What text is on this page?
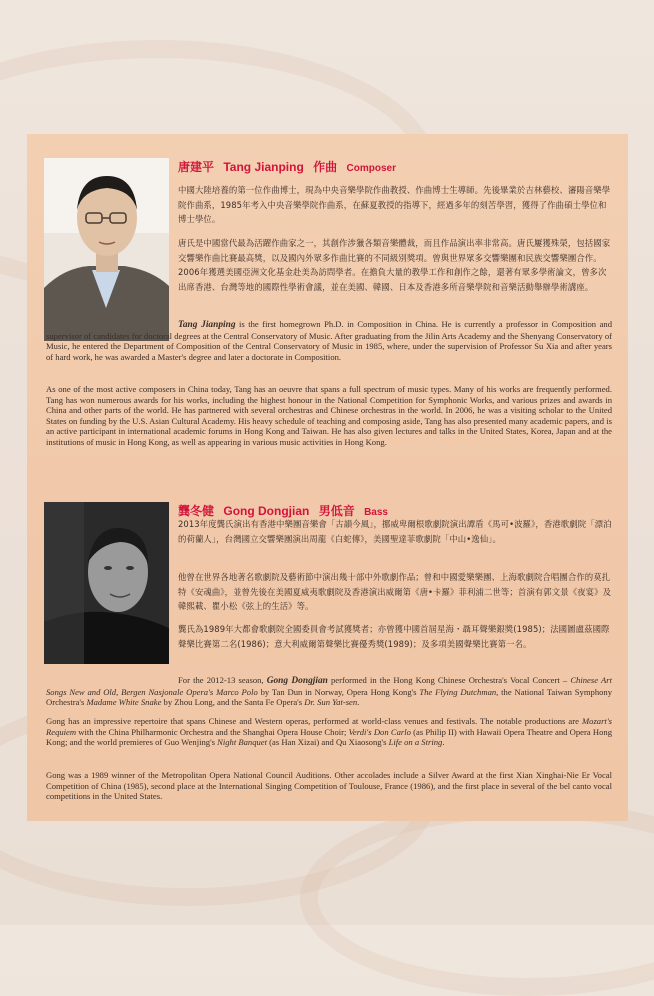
唐建平 Tang Jianping 作曲 Composer
中國大陸培養的第一位作曲博士，現為中央音樂學院作曲教授、作曲博士生導師。先後畢業於吉林藝校、瀋陽音樂學院作曲系，1985年考入中央音樂學院作曲系，在蘇夏教授的指導下，經過多年的刻苦學習，獲得了作曲碩士學位和博士學位。
唐氏是中國當代最為活躍作曲家之一，其創作涉獵各類音樂體裁，而且作品演出率非常高。唐氏屢獲殊榮，包括國家交響樂作曲比賽最高獎，以及國內外眾多作曲比賽的不同級別獎項。曾與世界眾多交響樂團和民族交響樂團合作。2006年獲選美國亞洲文化基金赴美為訪問學者。在擔負大量的教學工作和創作之餘，還著有眾多學術論文，曾多次出席香港、台灣等地的國際性學術會議，並在美國、韓國、日本及香港多所音樂學院和音樂活動舉辦學術講座。
Tang Jianping is the first homegrown Ph.D. in Composition in China. He is currently a professor in Composition and supervisor of candidates for doctoral degrees at the Central Conservatory of Music. After graduating from the Jilin Arts Academy and the Shenyang Conservatory of Music, he entered the Department of Composition of the Central Conservatory of Music in 1985, where, under the supervision of Professor Su Xia and after years of hard work, he was awarded a Master's degree and later a doctorate in Composition.
As one of the most active composers in China today, Tang has an oeuvre that spans a full spectrum of music types. Many of his works are frequently performed. Tang has won numerous awards for his works, including the highest honour in the National Competition for Symphonic Works, and various prizes and awards in China and other parts of the world. He has partnered with several orchestras and Chinese orchestras in the world. In 2006, he was a visiting scholar to the United States on funding by the U.S. Asian Cultural Academy. His heavy schedule of teaching and composing aside, Tang has also presented many academic papers, and is an active participant in international academic forums in Hong Kong and Taiwan. He has also given lectures and talks in the United States, Korea, Japan and at the institutions of music in Hong Kong, as well as appearing in various music activities in Hong Kong.
龔冬健 Gong Dongjian 男低音 Bass
2013年度龔氏演出有香港中樂團音樂會「古韻今風」，挪威卑爾根歌劇院演出譚盾《馬可•波羅》，香港歌劇院「漂泊的荷蘭人」，台灣國立交響樂團演出周龍《白蛇傳》，美國聖達菲歌劇院「中山•逸仙」。
他曾在世界各地著名歌劇院及藝術節中演出幾十部中外歌劇作品；曾和中國愛樂樂團、上海歌劇院合唱團合作的莫扎特《安魂曲》，並曾先後在美國夏威夷歌劇院及香港演出威爾第《唐•卡羅》菲利浦二世等；首演有郭文景《夜宴》及韓熙載、瞿小松《弦上的生活》等。
龔氏為1989年大都會歌劇院全國委員會考試獲獎者；亦曾獲中國首屆星海・聶耳聲樂銀獎(1985)；法國圖盧茲國際聲樂比賽第二名(1986)；意大利威爾第聲樂比賽優秀獎(1989)；及多項美國聲樂比賽第一名。
For the 2012-13 season, Gong Dongjian performed in the Hong Kong Chinese Orchestra's Vocal Concert – Chinese Art Songs New and Old, Bergen Nasjonale Opera's Marco Polo by Tan Dun in Norway, Opera Hong Kong's The Flying Dutchman, the National Taiwan Symphony Orchestra's Madame White Snake by Zhou Long, and the Santa Fe Opera's Dr. Sun Yat-sen.
Gong has an impressive repertoire that spans Chinese and Western operas, performed at world-class venues and festivals. The notable productions are Mozart's Requiem with the China Philharmonic Orchestra and the Shanghai Opera House Choir; Verdi's Don Carlo (as Philip II) with Hawaii Opera Theatre and Opera Hong Kong; and the world premieres of Guo Wenjing's Night Banquet (as Han Xizai) and Qu Xiaosong's Life on a String.
Gong was a 1989 winner of the Metropolitan Opera National Council Auditions. Other accolades include a Silver Award at the first Xian Xinghai-Nie Er Vocal Competition of China (1985), second place at the International Singing Competition of Toulouse, France (1986), and the first place in several of the bel canto vocal competitions in the United States.
